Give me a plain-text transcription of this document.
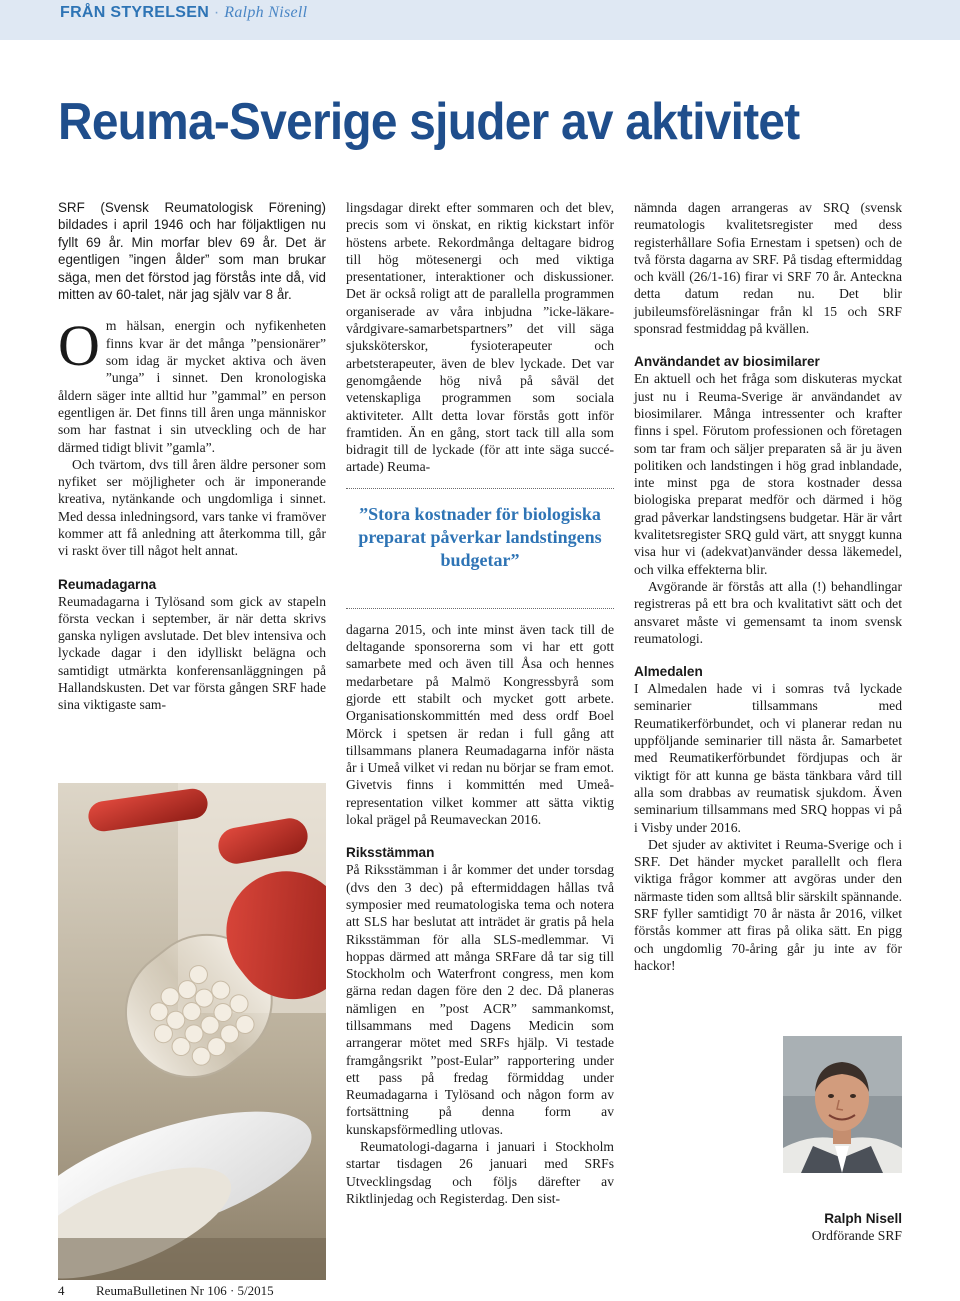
FRÅN STYRELSEN · Ralph Nisell
Reuma-Sverige sjuder av aktivitet

SRF (Svensk Reumatologisk Förening) bildades i april 1946 och har följaktligen nu fyllt 69 år. Min morfar blev 69 år. Det är egentligen ”ingen ålder” som man brukar säga, men det förstod jag förstås inte då, vid mitten av 60-talet, när jag själv var 8 år.

Om hälsan, energin och nyfikenheten finns kvar är det många ”pensionärer” som idag är mycket aktiva och även ”unga” i sinnet. Den kronologiska åldern säger inte alltid hur ”gammal” en person egentligen är. Det finns till åren unga människor som har fastnat i sin utveckling och de har därmed tidigt blivit ”gamla”.

Och tvärtom, dvs till åren äldre personer som nyfiket ser möjligheter och är imponerande kreativa, nytänkande och ungdomliga i sinnet. Med dessa inledningsord, vars tanke vi framöver kommer att få anledning att återkomma till, går vi raskt över till något helt annat.

Reumadagarna

Reumadagarna i Tylösand som gick av stapeln första veckan i september, är när detta skrivs ganska nyligen avslutade. Det blev intensiva och lyckade dagar i den idylliskt belägna och samtidigt utmärkta konferensanläggningen på Hallandskusten. Det var första gången SRF hade sina viktigaste sam-

lingsdagar direkt efter sommaren och det blev, precis som vi önskat, en riktig kickstart inför höstens arbete. Rekordmånga deltagare bidrog till hög mötesenergi och med viktiga presentationer, interaktioner och diskussioner. Det är också roligt att de parallella programmen organiserade av våra inbjudna ”icke-läkare-vårdgivare-samarbetspartners” det vill säga sjuksköterskor, fysioterapeuter och arbetsterapeuter, även de blev lyckade. Det var genomgående hög nivå på såväl det vetenskapliga programmen som sociala aktiviteter. Allt detta lovar förstås gott inför framtiden. Än en gång, stort tack till alla som bidragit till de lyckade (för att inte säga succé-artade) Reuma-

”Stora kostnader för biologiska preparat påverkar landstingens budgetar”

dagarna 2015, och inte minst även tack till de deltagande sponsorerna som vi har ett gott samarbete med och även till Åsa och hennes medarbetare på Malmö Kongressbyrå som gjorde ett stabilt och mycket gott arbete. Organisationskommittén med dess ordf Boel Mörck i spetsen är redan i full gång att tillsammans planera Reumadagarna inför nästa år i Umeå vilket vi redan nu börjar se fram emot. Givetvis finns i kommittén med Umeå-representation vilket kommer att sätta viktig lokal prägel på Reumaveckan 2016.

Riksstämman

På Riksstämman i år kommer det under torsdag (dvs den 3 dec) på eftermiddagen hållas två symposier med reumatologiska tema och notera att SLS har beslutat att inträdet är gratis på hela Riksstämman för alla SLS-medlemmar. Vi hoppas därmed att många SRFare då tar sig till Stockholm och Waterfront congress, men kom gärna redan dagen före den 2 dec. Då planeras nämligen en ”post ACR” sammankomst, tillsammans med Dagens Medicin som arrangerar mötet med SRFs hjälp. Vi testade framgångsrikt ”post-Eular” rapportering under ett pass på fredag förmiddag under Reumadagarna i Tylösand och någon form av fortsättning på denna form av kunskapsförmedling utlovas.

Reumatologi-dagarna i januari i Stockholm startar tisdagen 26 januari med SRFs Utvecklingsdag och följs därefter av Riktlinjedag och Registerdag. Den sist-

nämnda dagen arrangeras av SRQ (svensk reumatologis kvalitetsregister med dess registerhållare Sofia Ernestam i spetsen) och de två första dagarna av SRF. På tisdag eftermiddag och kväll (26/1-16) firar vi SRF 70 år. Anteckna detta datum redan nu. Det blir jubileumsföreläsningar från kl 15 och SRF sponsrad festmiddag på kvällen.

Användandet av biosimilarer

En aktuell och het fråga som diskuteras myckat just nu i Reuma-Sverige är användandet av biosimilarer. Många intressenter och krafter finns i spel. Förutom professionen och företagen som tar fram och säljer preparaten så är ju även politiken och landstingen i hög grad inblandade, inte minst pga de stora kostnader dessa biologiska preparat medför och därmed i hög grad påverkar landstingsens budgetar. Här är vårt kvalitetsregister SRQ guld värt, att snyggt kunna visa hur vi (adekvat)använder dessa läkemedel, och vilka effekterna blir.

Avgörande är förstås att alla (!) behandlingar registreras på ett bra och kvalitativt sätt och det ansvaret måste vi gemensamt ta inom svensk reumatologi.

Almedalen

I Almedalen hade vi i somras två lyckade seminarier tillsammans med Reumatikerförbundet, och vi planerar redan nu uppföljande seminarier till nästa år. Samarbetet med Reumatikerförbundet fördjupas och är viktigt för att kunna ge bästa tänkbara vård till alla som drabbas av reumatisk sjukdom. Även seminarium tillsammans med SRQ hoppas vi på i Visby under 2016.

Det sjuder av aktivitet i Reuma-Sverige och i SRF. Det händer mycket parallellt och flera viktiga frågor kommer att avgöras under den närmaste tiden som alltså blir särskilt spännande. SRF fyller samtidigt 70 år nästa år 2016, vilket förstås kommer att firas på olika sätt. En pigg och ungdomlig 70-åring går ju inte av för hackor!

Ralph Nisell
Ordförande SRF
4 ReumaBulletinen Nr 106 · 5/2015
